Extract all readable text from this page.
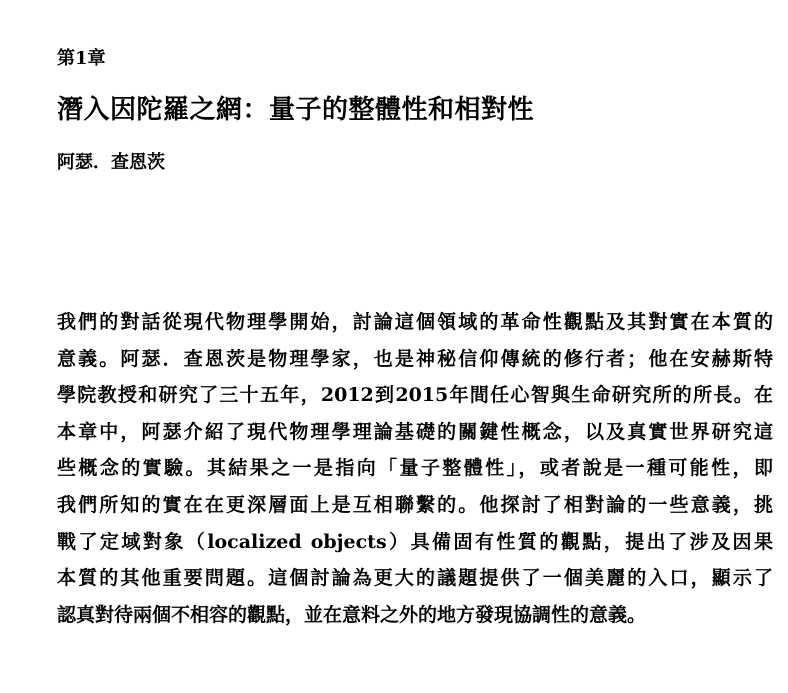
第1章
潛入因陀羅之網：量子的整體性和相對性
阿瑟．查恩茨

我們的對話從現代物理學開始，討論這個領域的革命性觀點及其對實在本質的
意義。阿瑟．查恩茨是物理學家，也是神秘信仰傳統的修行者；他在安赫斯特
學院教授和研究了三十五年，2012到2015年間任心智與生命研究所的所長。在
本章中，阿瑟介紹了現代物理學理論基礎的關鍵性概念，以及真實世界研究這
些概念的實驗。其結果之一是指向「量子整體性」，或者說是一種可能性，即
我們所知的實在在更深層面上是互相聯繫的。他探討了相對論的一些意義，挑
戰了定域對象（localized objects）具備固有性質的觀點，提出了涉及因果
本質的其他重要問題。這個討論為更大的議題提供了一個美麗的入口，顯示了
認真對待兩個不相容的觀點，並在意料之外的地方發現協調性的意義。
